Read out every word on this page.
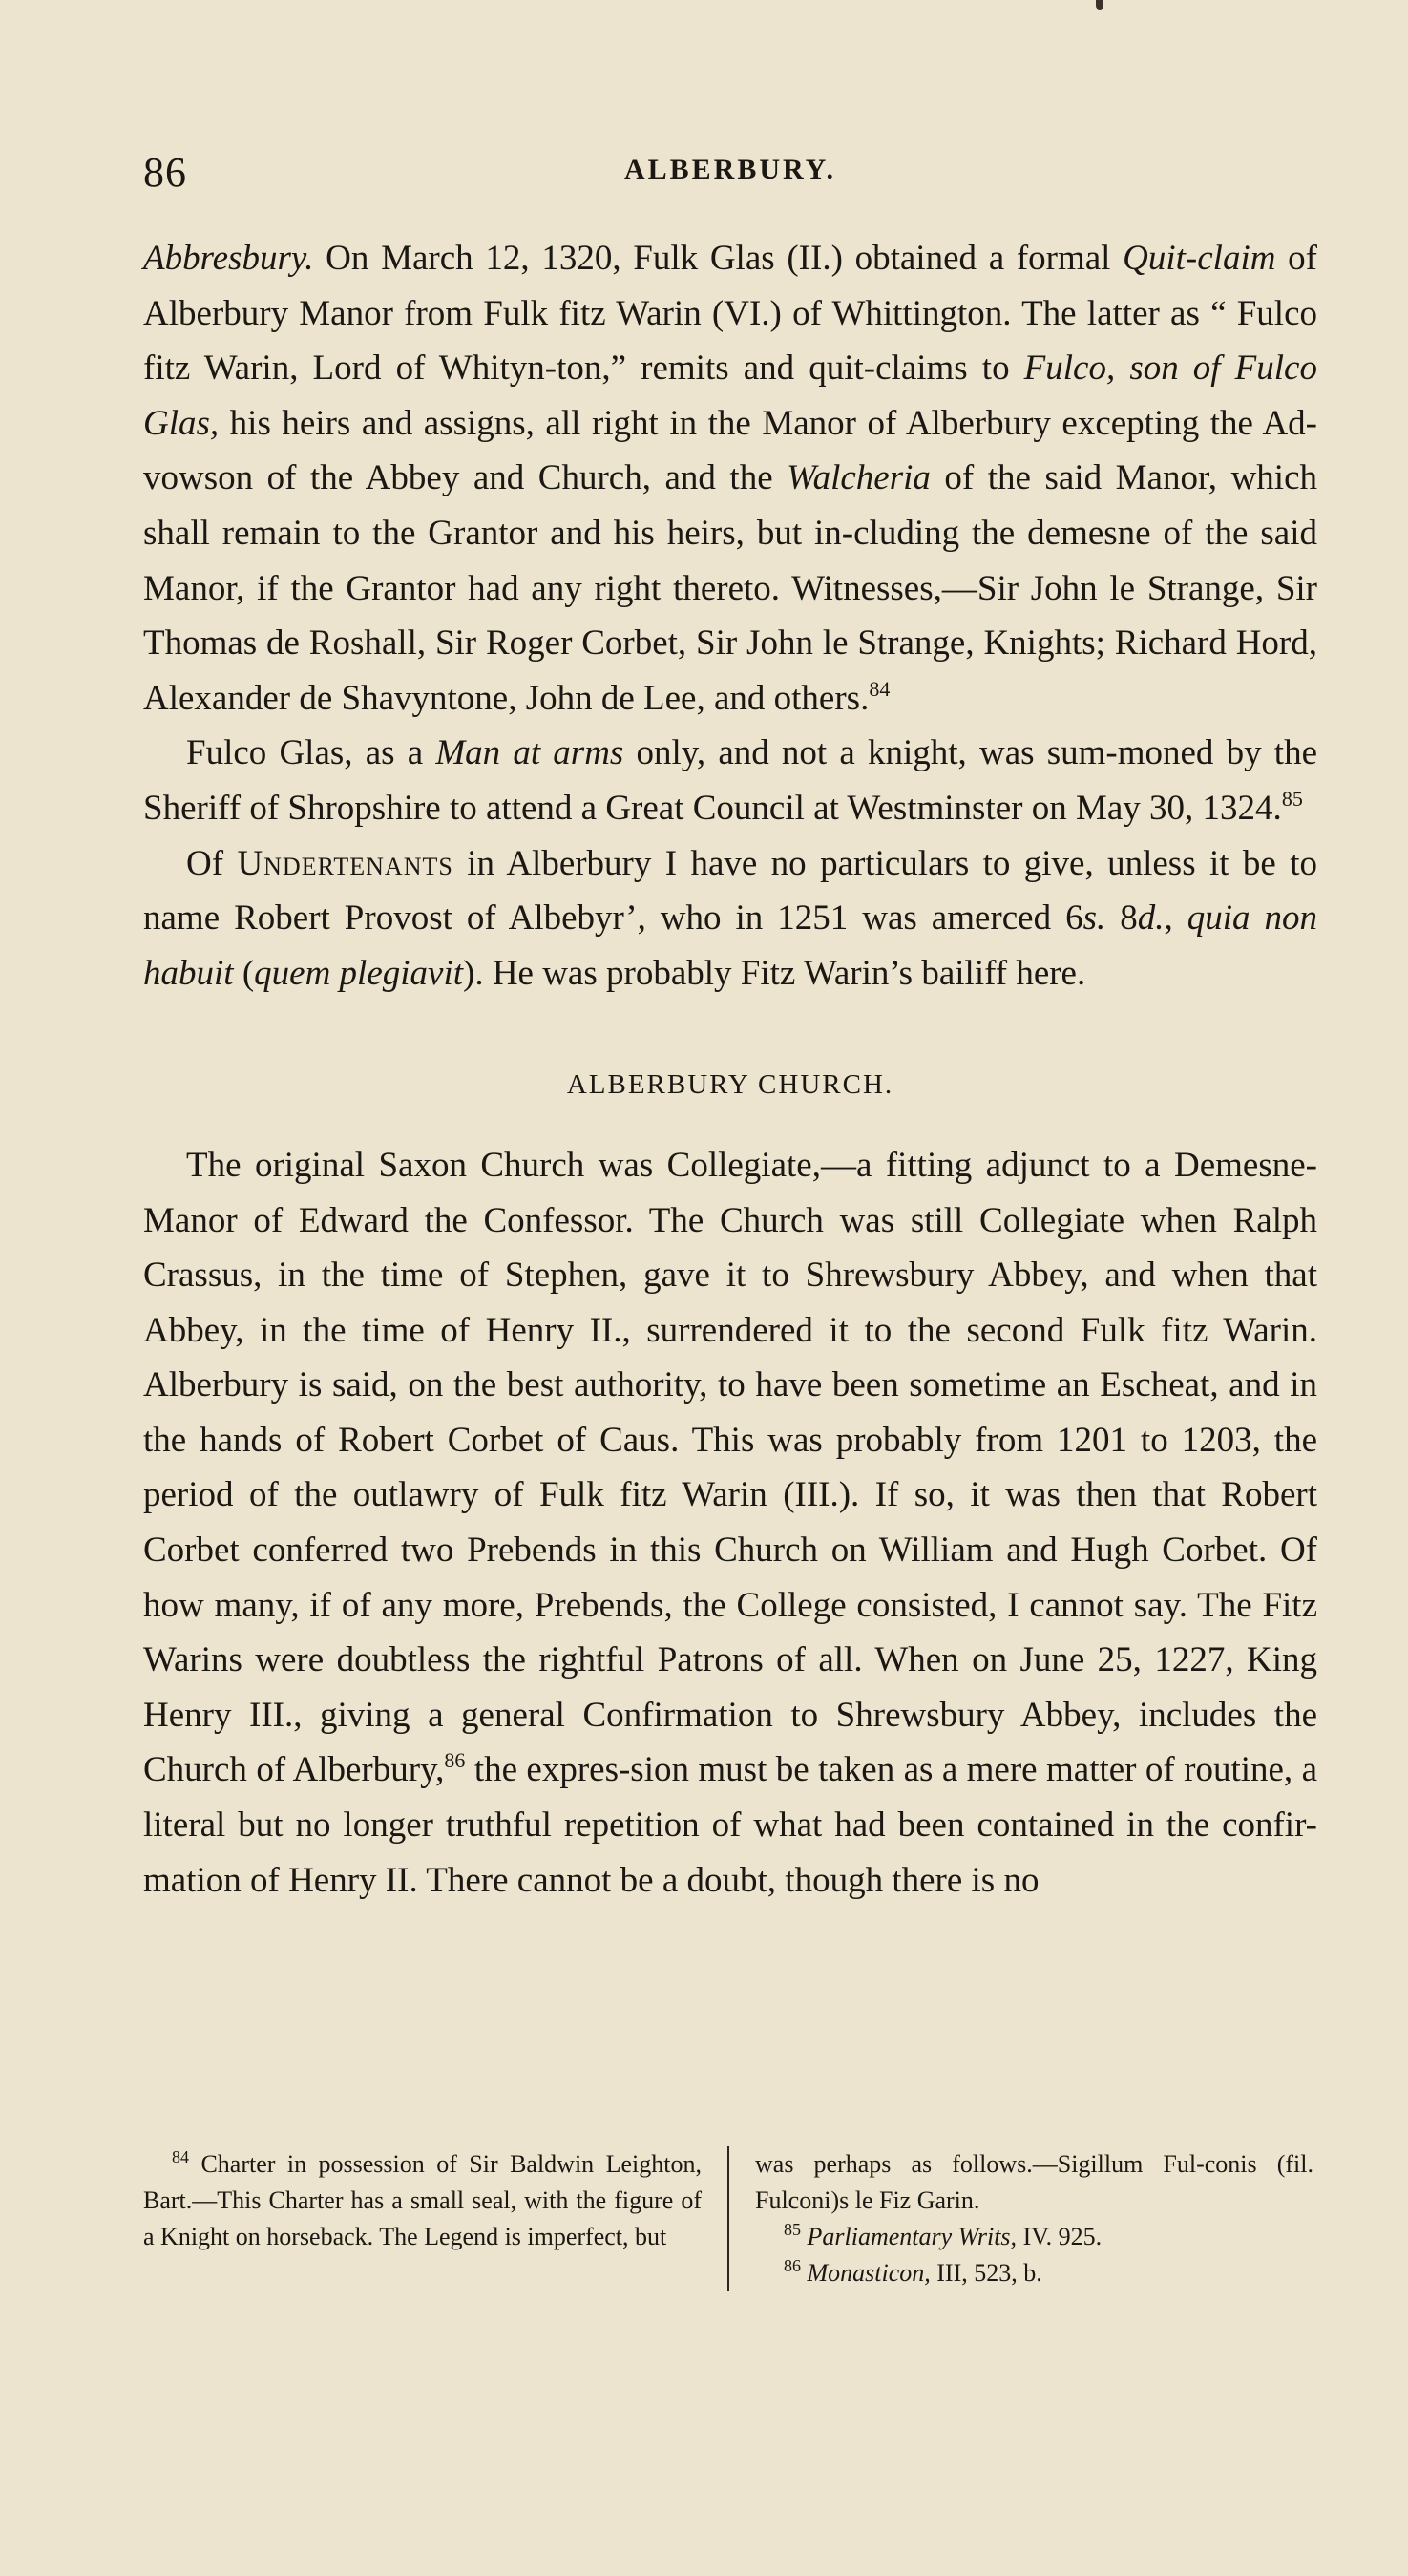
86	ALBERBURY.

Abbresbury. On March 12, 1320, Fulk Glas (II.) obtained a formal Quit-claim of Alberbury Manor from Fulk fitz Warin (VI.) of Whittington. The latter as “ Fulco fitz Warin, Lord of Whityn-ton,” remits and quit-claims to Fulco, son of Fulco Glas, his heirs and assigns, all right in the Manor of Alberbury excepting the Ad-vowson of the Abbey and Church, and the Walcheria of the said Manor, which shall remain to the Grantor and his heirs, but in-cluding the demesne of the said Manor, if the Grantor had any right thereto. Witnesses,—Sir John le Strange, Sir Thomas de Roshall, Sir Roger Corbet, Sir John le Strange, Knights; Richard Hord, Alexander de Shavyntone, John de Lee, and others.$^{84}$

Fulco Glas, as a Man at arms only, and not a knight, was sum-moned by the Sheriff of Shropshire to attend a Great Council at Westminster on May 30, 1324.85

Of Undertenants in Alberbury I have no particulars to give, unless it be to name Robert Provost of Albebyr’, who in 1251 was amerced 6s. 8d., quia non habuit (quem plegiavit). He was probably Fitz Warin’s bailiff here.

ALBERBURY CHURCH.

The original Saxon Church was Collegiate,—a fitting adjunct to a Demesne-Manor of Edward the Confessor. The Church was still Collegiate when Ralph Crassus, in the time of Stephen, gave it to Shrewsbury Abbey, and when that Abbey, in the time of Henry II., surrendered it to the second Fulk fitz Warin. Alberbury is said, on the best authority, to have been sometime an Escheat, and in the hands of Robert Corbet of Caus. This was probably from 1201 to 1203, the period of the outlawry of Fulk fitz Warin (III.). If so, it was then that Robert Corbet conferred two Prebends in this Church on William and Hugh Corbet. Of how many, if of any more, Prebends, the College consisted, I cannot say. The Fitz Warins were doubtless the rightful Patrons of all. When on June 25, 1227, King Henry III., giving a general Confirmation to Shrewsbury Abbey, includes the Church of Alberbury,$^{86}$ the expres-sion must be taken as a mere matter of routine, a literal but no longer truthful repetition of what had been contained in the confir-mation of Henry II. There cannot be a doubt, though there is no

$^{84}$ Charter in possession of Sir Baldwin Leighton, Bart.—This Charter has a small seal, with the figure of a Knight on horseback. The Legend is imperfect, but

was perhaps as follows.—Sigillum Ful-conis (fil. Fulconi)s le Fiz Garin.

$^{85}$ Parliamentary Writs, IV. 925.

$^{86}$ Monasticon, III, 523, b.
